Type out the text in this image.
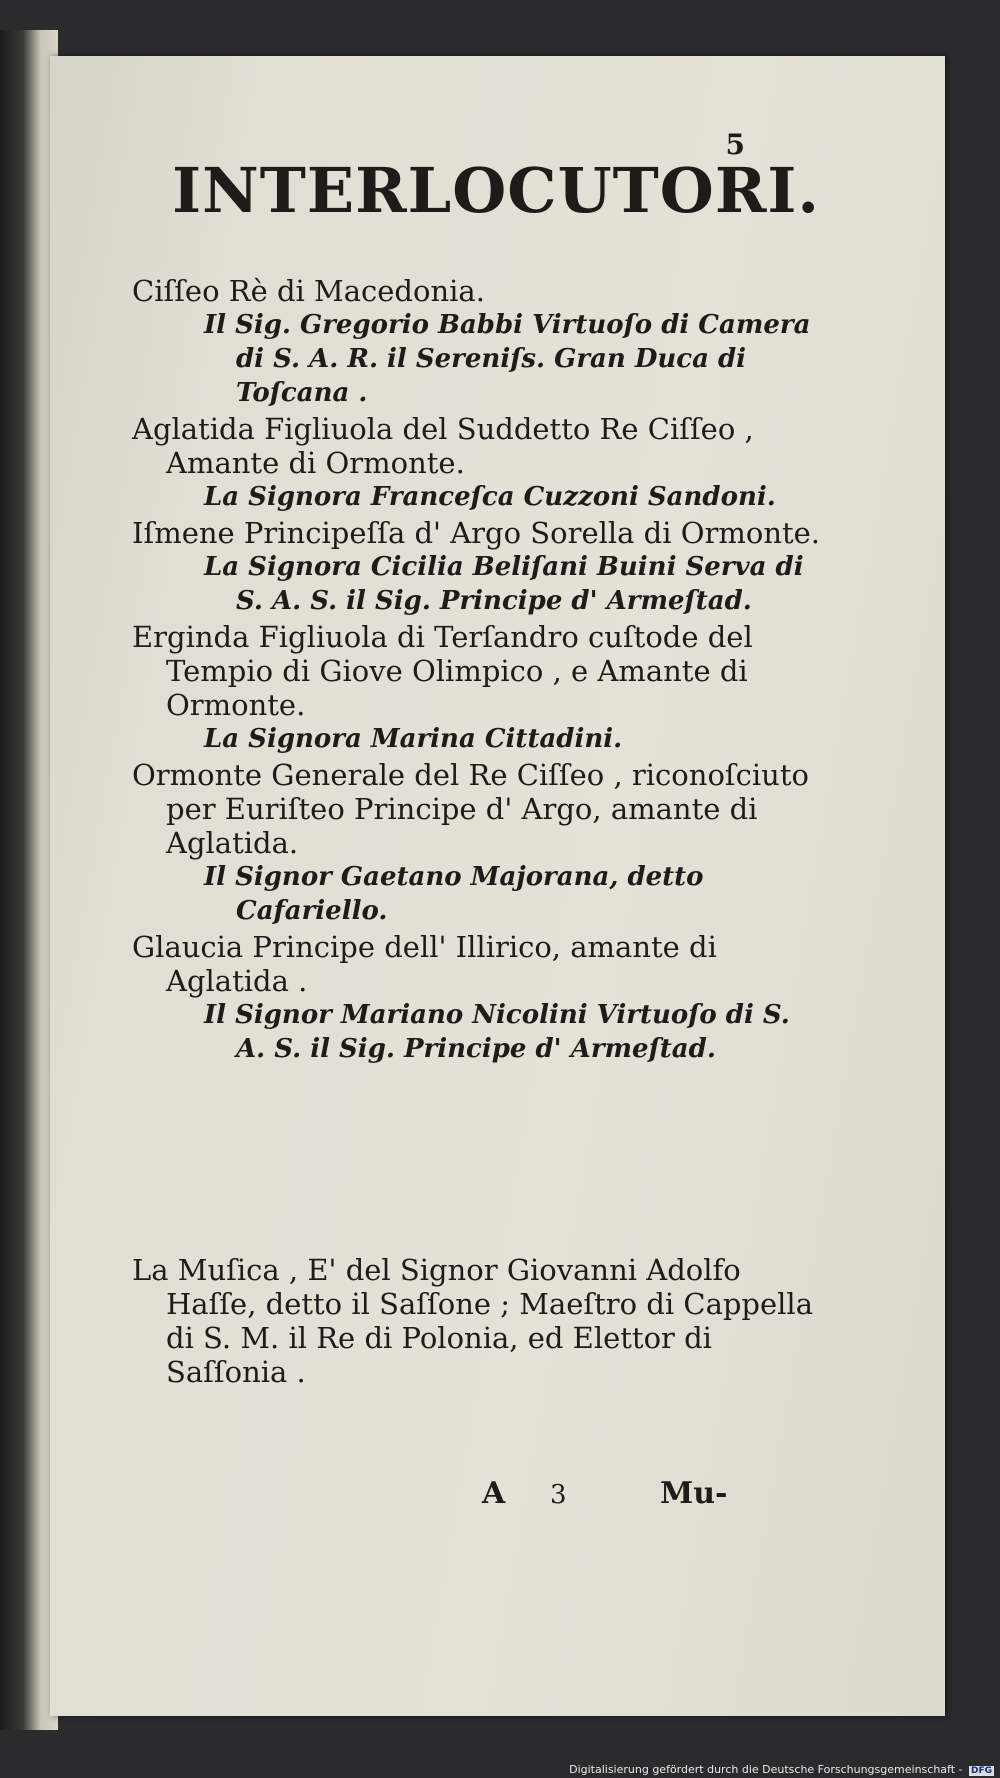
5
INTERLOCUTORI.
Ciſſeo Rè di Macedonia.
Il Sig. Gregorio Babbi Virtuoſo di Camera di S. A. R. il Sereniſs. Gran Duca di Toſcana .
Aglatida Figliuola del Suddetto Re Ciſſeo , Amante di Ormonte.
La Signora Franceſca Cuzzoni Sandoni.
Iſmene Principeſſa d' Argo Sorella di Ormonte.
La Signora Cicilia Beliſani Buini Serva di S. A. S. il Sig. Principe d' Armeſtad.
Erginda Figliuola di Terſandro cuſtode del Tempio di Giove Olimpico , e Amante di Ormonte.
La Signora Marina Cittadini.
Ormonte Generale del Re Ciſſeo , riconoſciuto per Euriſteo Principe d' Argo, amante di Aglatida.
Il Signor Gaetano Majorana, detto Cafariello.
Glaucia Principe dell' Illirico, amante di Aglatida .
Il Signor Mariano Nicolini Virtuoſo di S. A. S. il Sig. Principe d' Armeſtad.

La Muſica , E' del Signor Giovanni Adolfo Haſſe, detto il Saſſone ; Maeſtro di Cappella di S. M. il Re di Polonia, ed Elettor di Saſſonia .

A 3	Mu-
Digitalisierung gefördert durch die Deutsche Forschungsgemeinschaft - DFG
